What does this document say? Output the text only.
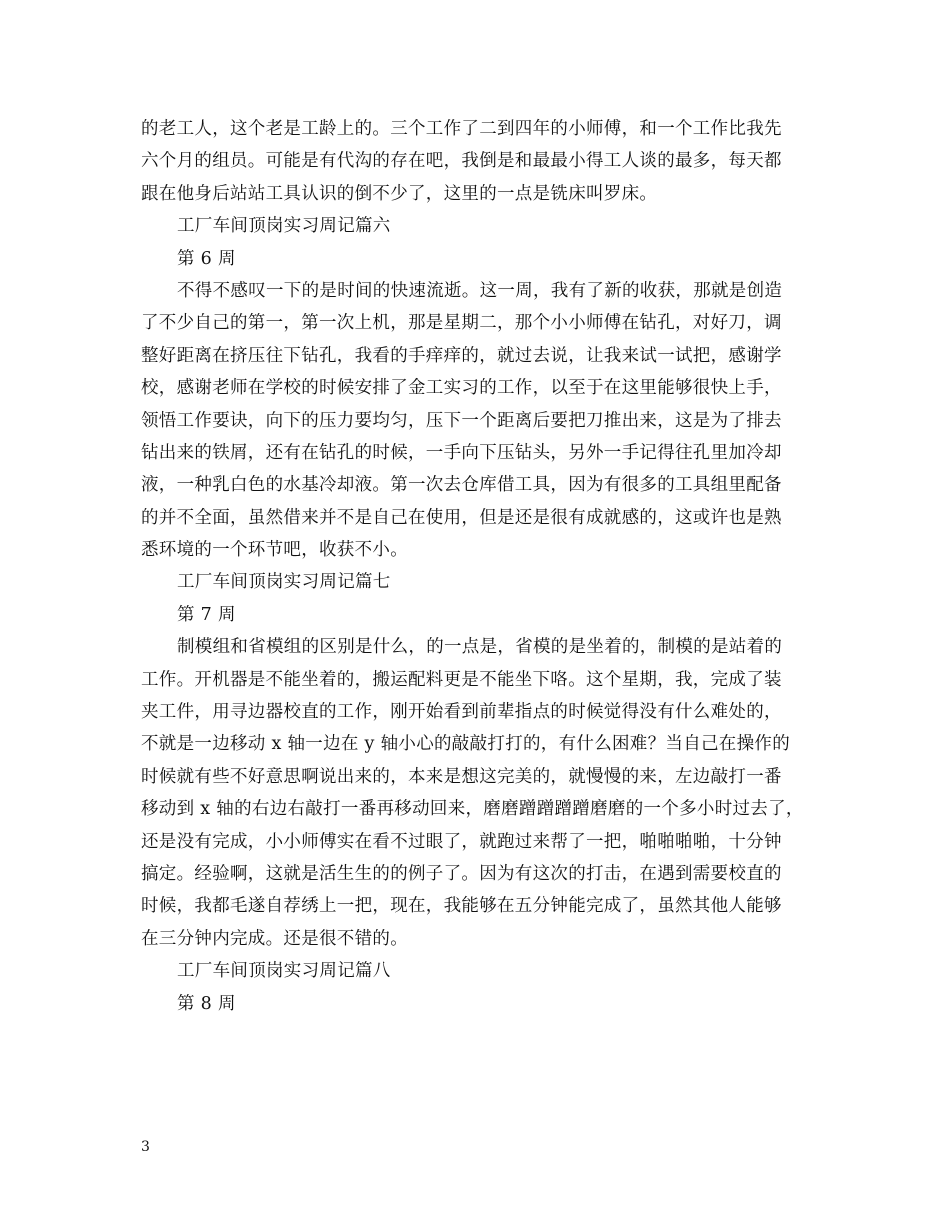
的老工人，这个老是工龄上的。三个工作了二到四年的小师傅，和一个工作比我先
六个月的组员。可能是有代沟的存在吧，我倒是和最最小得工人谈的最多，每天都
跟在他身后站站工具认识的倒不少了，这里的一点是铣床叫罗床。
工厂车间顶岗实习周记篇六
第 6 周
不得不感叹一下的是时间的快速流逝。这一周，我有了新的收获，那就是创造
了不少自己的第一，第一次上机，那是星期二，那个小小师傅在钻孔，对好刀，调
整好距离在挤压往下钻孔，我看的手痒痒的，就过去说，让我来试一试把，感谢学
校，感谢老师在学校的时候安排了金工实习的工作，以至于在这里能够很快上手，
领悟工作要诀，向下的压力要均匀，压下一个距离后要把刀推出来，这是为了排去
钻出来的铁屑，还有在钻孔的时候，一手向下压钻头，另外一手记得往孔里加冷却
液，一种乳白色的水基冷却液。第一次去仓库借工具，因为有很多的工具组里配备
的并不全面，虽然借来并不是自己在使用，但是还是很有成就感的，这或许也是熟
悉环境的一个环节吧，收获不小。
工厂车间顶岗实习周记篇七
第 7 周
制模组和省模组的区别是什么，的一点是，省模的是坐着的，制模的是站着的
工作。开机器是不能坐着的，搬运配料更是不能坐下咯。这个星期，我，完成了装
夹工件，用寻边器校直的工作，刚开始看到前辈指点的时候觉得没有什么难处的，
不就是一边移动 x 轴一边在 y 轴小心的敲敲打打的，有什么困难？当自己在操作的
时候就有些不好意思啊说出来的，本来是想这完美的，就慢慢的来，左边敲打一番
移动到 x 轴的右边右敲打一番再移动回来，磨磨蹭蹭蹭蹭磨磨的一个多小时过去了，
还是没有完成，小小师傅实在看不过眼了，就跑过来帮了一把，啪啪啪啪，十分钟
搞定。经验啊，这就是活生生的的例子了。因为有这次的打击，在遇到需要校直的
时候，我都毛遂自荐绣上一把，现在，我能够在五分钟能完成了，虽然其他人能够
在三分钟内完成。还是很不错的。
工厂车间顶岗实习周记篇八
第 8 周
3
